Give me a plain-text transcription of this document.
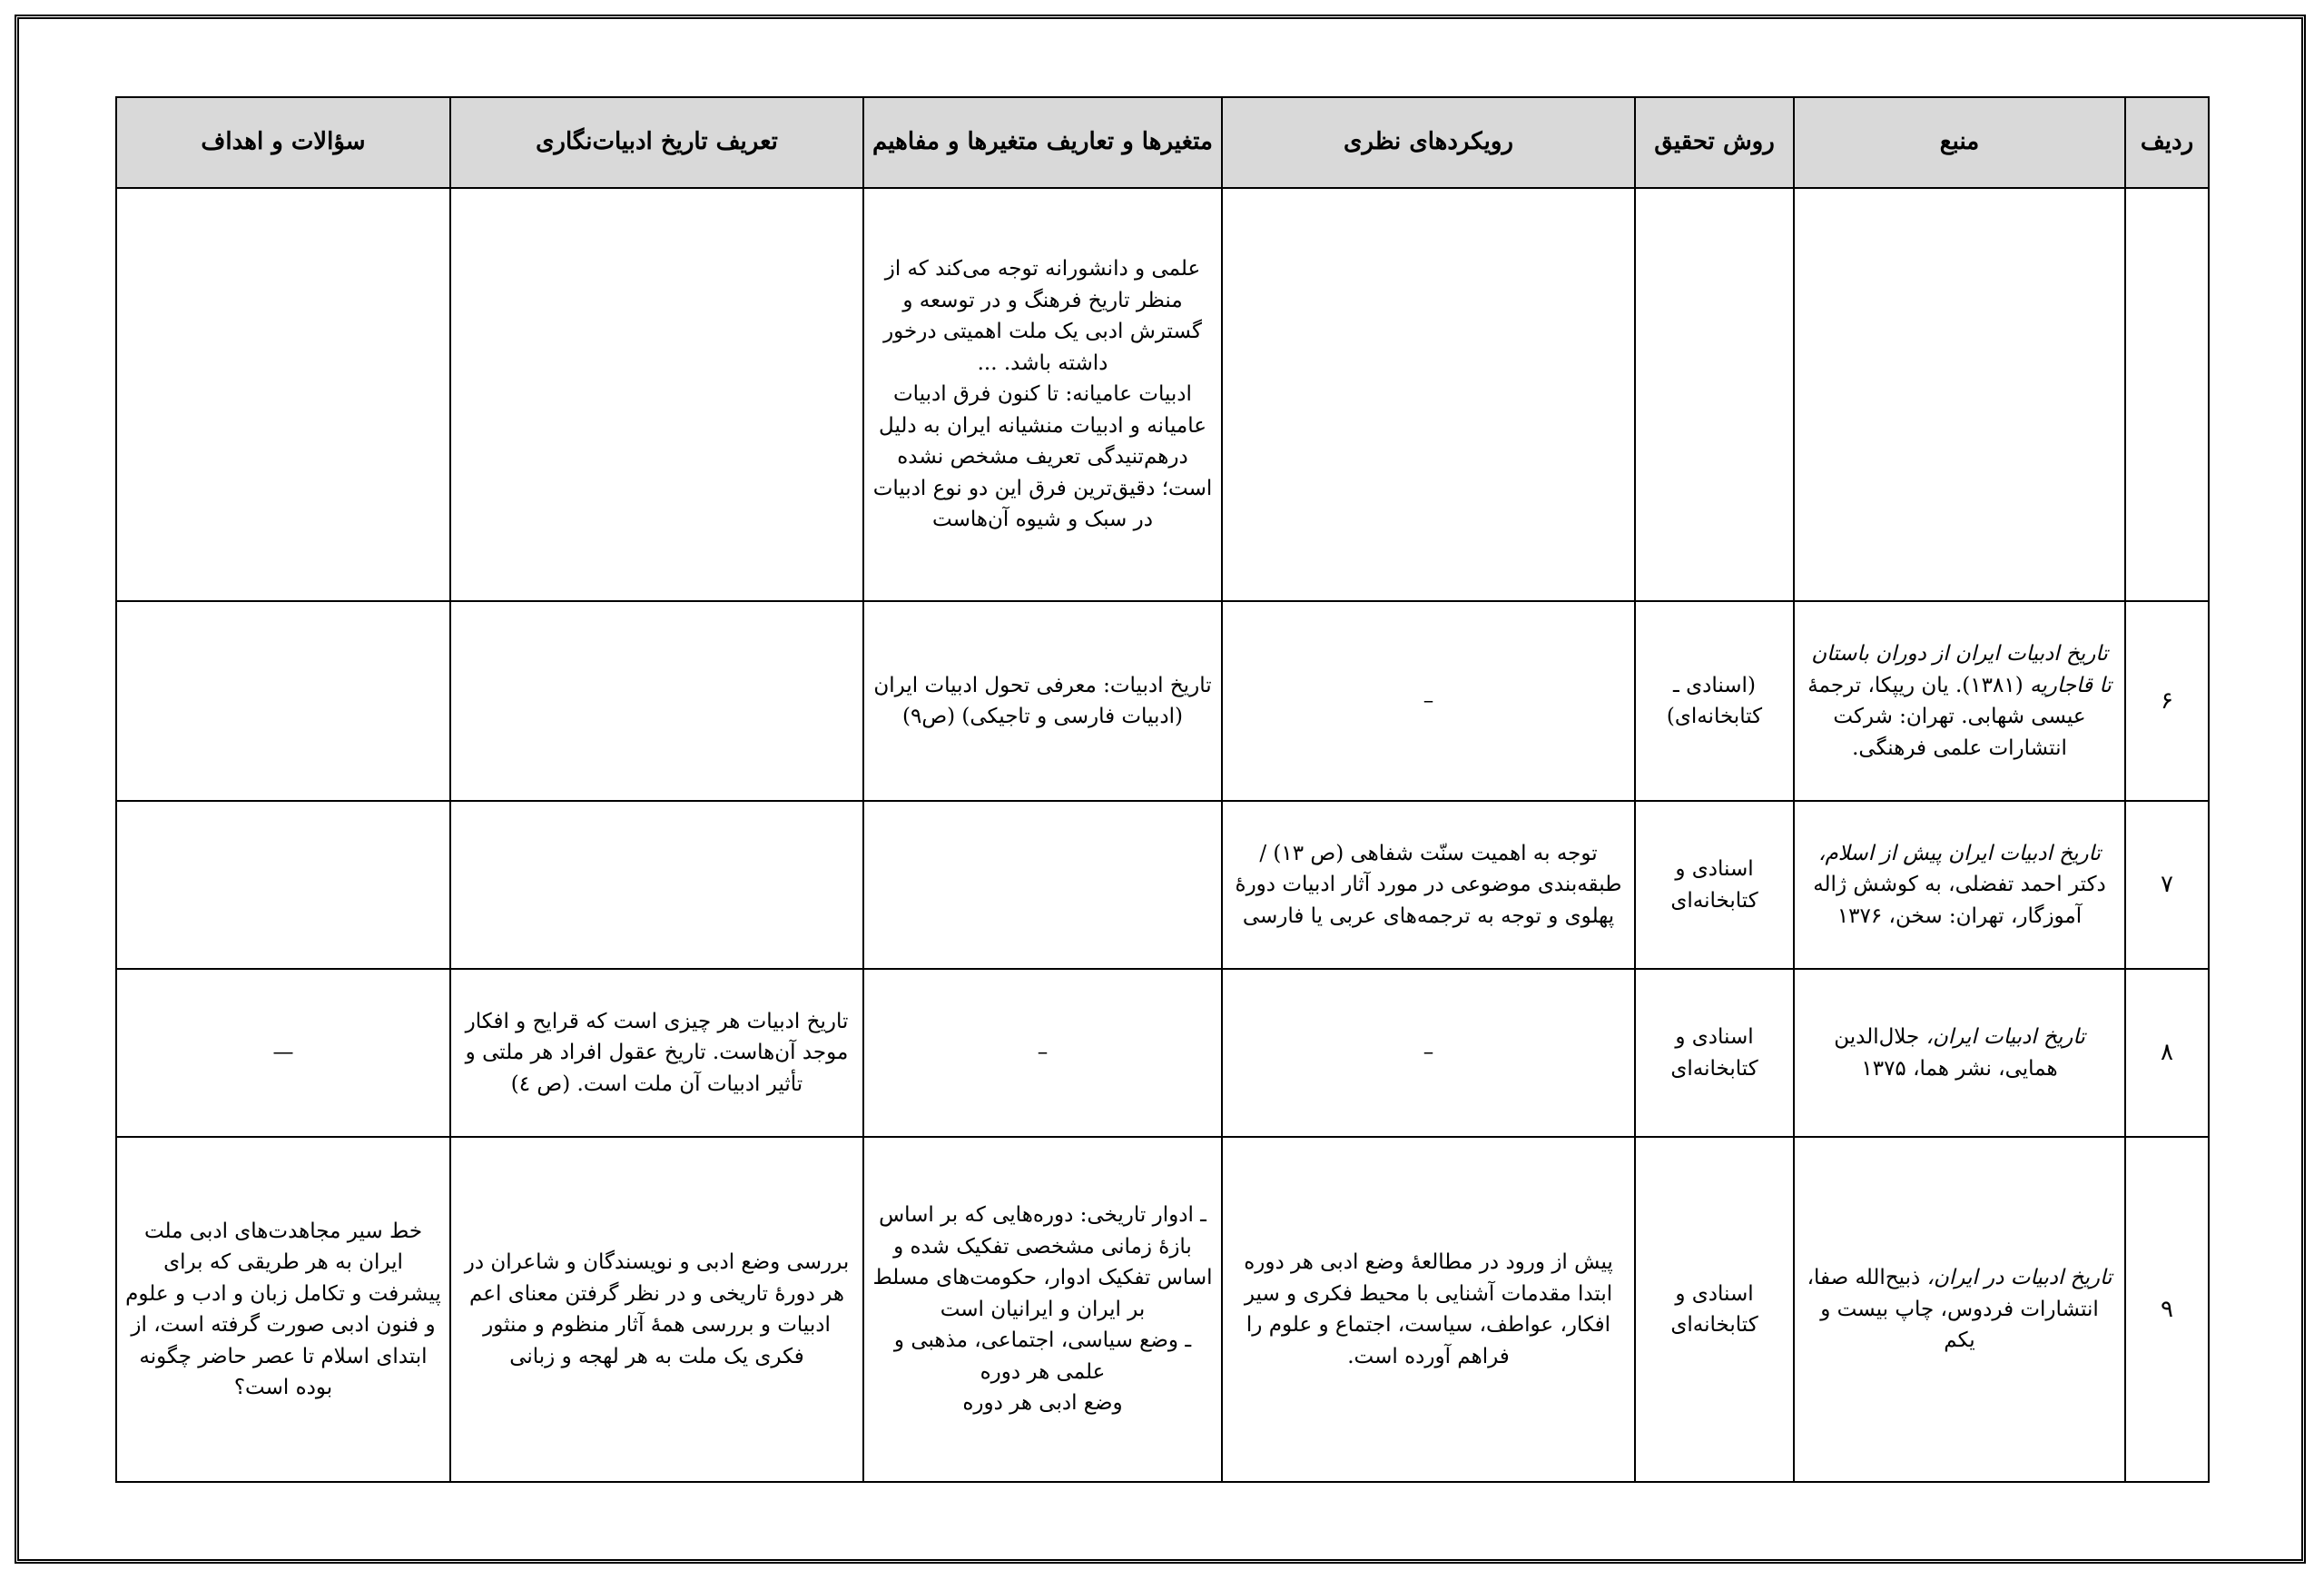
ردیف	منبع	روش تحقیق	رویکردهای نظری	متغیرها و تعاریف متغیرها و مفاهیم	تعریف تاریخ ادبیات‌نگاری	سؤالات و اهداف

				علمی و دانشورانه توجه می‌کند که از منظر تاریخ فرهنگ و در توسعه و گسترش ادبی یک ملت اهمیتی درخور داشته باشد. ...
ادبیات عامیانه: تا کنون فرق ادبیات عامیانه و ادبیات منشیانه ایران به دلیل درهم‌تنیدگی تعریف مشخص نشده است؛ دقیق‌ترین فرق این دو نوع ادبیات در سبک و شیوه آن‌هاست		

۶	تاریخ ادبیات ایران از دوران باستان تا قاجاریه (۱۳۸۱). یان ریپکا، ترجمهٔ عیسی شهابی. تهران: شرکت انتشارات علمی فرهنگی.	(اسنادی ـ کتابخانه‌ای)	–	تاریخ ادبیات: معرفی تحول ادبیات ایران (ادبیات فارسی و تاجیکی) (ص۹)		

۷	تاریخ ادبیات ایران پیش از اسلام، دکتر احمد تفضلی، به کوشش ژاله آموزگار، تهران: سخن، ۱۳۷۶	اسنادی و کتابخانه‌ای	توجه به اهمیت سنّت شفاهی (ص ۱۳) / طبقه‌بندی موضوعی در مورد آثار ادبیات دورهٔ پهلوی و توجه به ترجمه‌های عربی یا فارسی	

۸	تاریخ ادبیات ایران، جلال‌الدین همایی، نشر هما، ۱۳۷۵	اسنادی و کتابخانه‌ای	–	–	تاریخ ادبیات هر چیزی است که قرایح و افکار موجد آن‌هاست. تاریخ عقول افراد هر ملتی و تأثیر ادبیات آن ملت است. (ص ٤)	—
۹	تاریخ ادبیات در ایران، ذبیح‌الله صفا، انتشارات فردوس، چاپ بیست و یکم	اسنادی و کتابخانه‌ای	پیش از ورود در مطالعهٔ وضع ادبی هر دوره ابتدا مقدمات آشنایی با محیط فکری و سیر افکار، عواطف، سیاست، اجتماع و علوم را فراهم آورده است.	ـ ادوار تاریخی: دوره‌هایی که بر اساس بازهٔ زمانی مشخصی تفکیک شده و اساس تفکیک ادوار، حکومت‌های مسلط بر ایران و ایرانیان است
ـ وضع سیاسی، اجتماعی، مذهبی و علمی هر دوره
وضع ادبی هر دوره	بررسی وضع ادبی و نویسندگان و شاعران در هر دورهٔ تاریخی و در نظر گرفتن معنای اعم ادبیات و بررسی همهٔ آثار منظوم و منثور فکری یک ملت به هر لهجه و زبانی	خط سیر مجاهدت‌های ادبی ملت ایران به هر طریقی که برای پیشرفت و تکامل زبان و ادب و علوم و فنون ادبی صورت گرفته است، از ابتدای اسلام تا عصر حاضر چگونه بوده است؟
